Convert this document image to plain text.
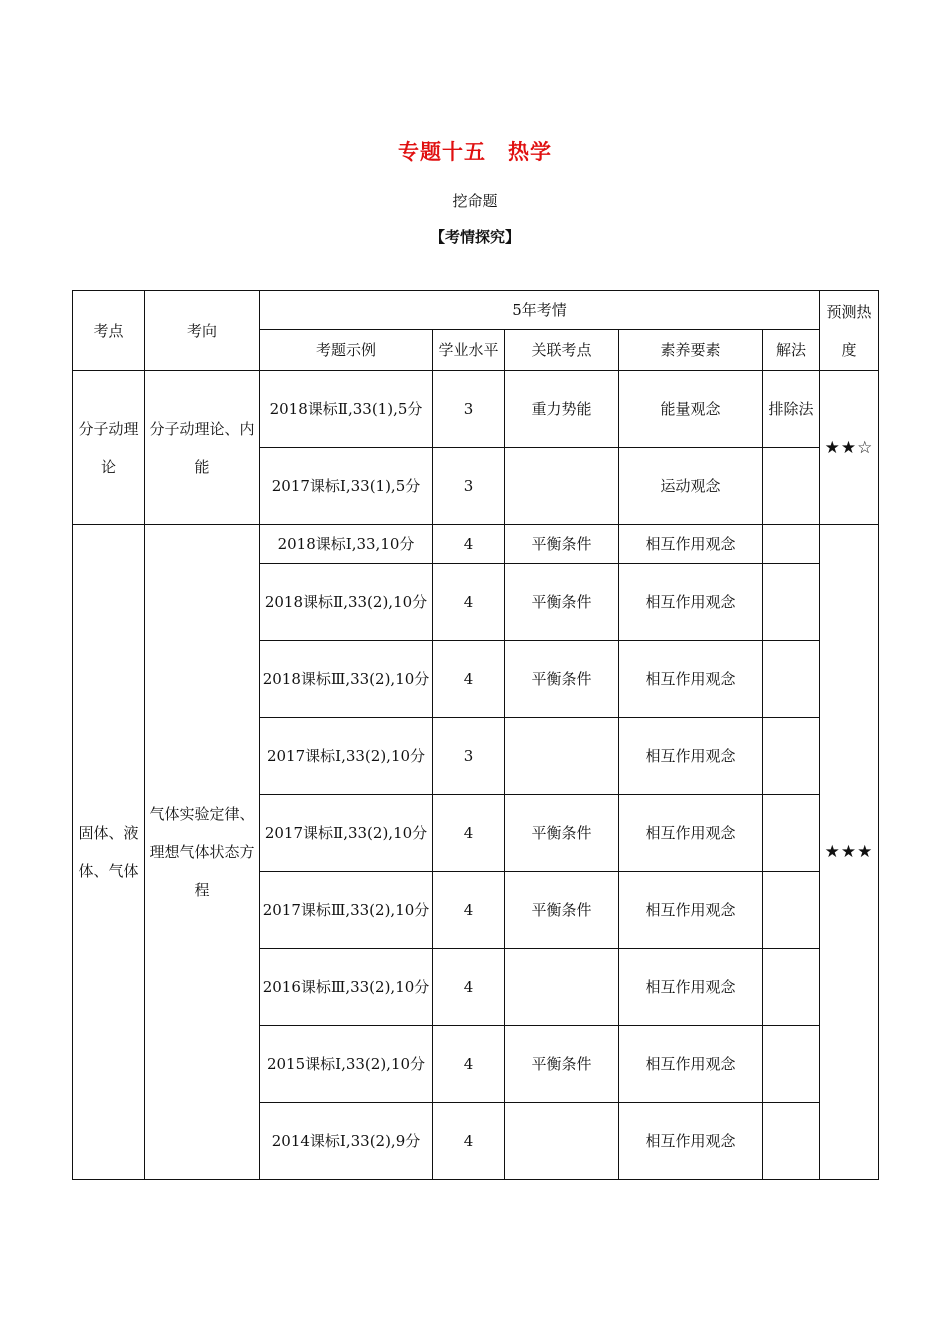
专题十五　热学
挖命题
【考情探究】
考点	考向	5年考情					预测热度
		考题示例	学业水平	关联考点	素养要素	解法	
分子动理论	分子动理论、内能	2018课标Ⅱ,33(1),5分	3	重力势能	能量观念	排除法	★★☆
		2017课标Ⅰ,33(1),5分	3		运动观念		
固体、液体、气体	气体实验定律、理想气体状态方程	2018课标Ⅰ,33,10分	4	平衡条件	相互作用观念		★★★
		2018课标Ⅱ,33(2),10分	4	平衡条件	相互作用观念		
		2018课标Ⅲ,33(2),10分	4	平衡条件	相互作用观念		
		2017课标Ⅰ,33(2),10分	3		相互作用观念		
		2017课标Ⅱ,33(2),10分	4	平衡条件	相互作用观念		
		2017课标Ⅲ,33(2),10分	4	平衡条件	相互作用观念		
		2016课标Ⅲ,33(2),10分	4		相互作用观念		
		2015课标Ⅰ,33(2),10分	4	平衡条件	相互作用观念		
		2014课标Ⅰ,33(2),9分	4		相互作用观念		
